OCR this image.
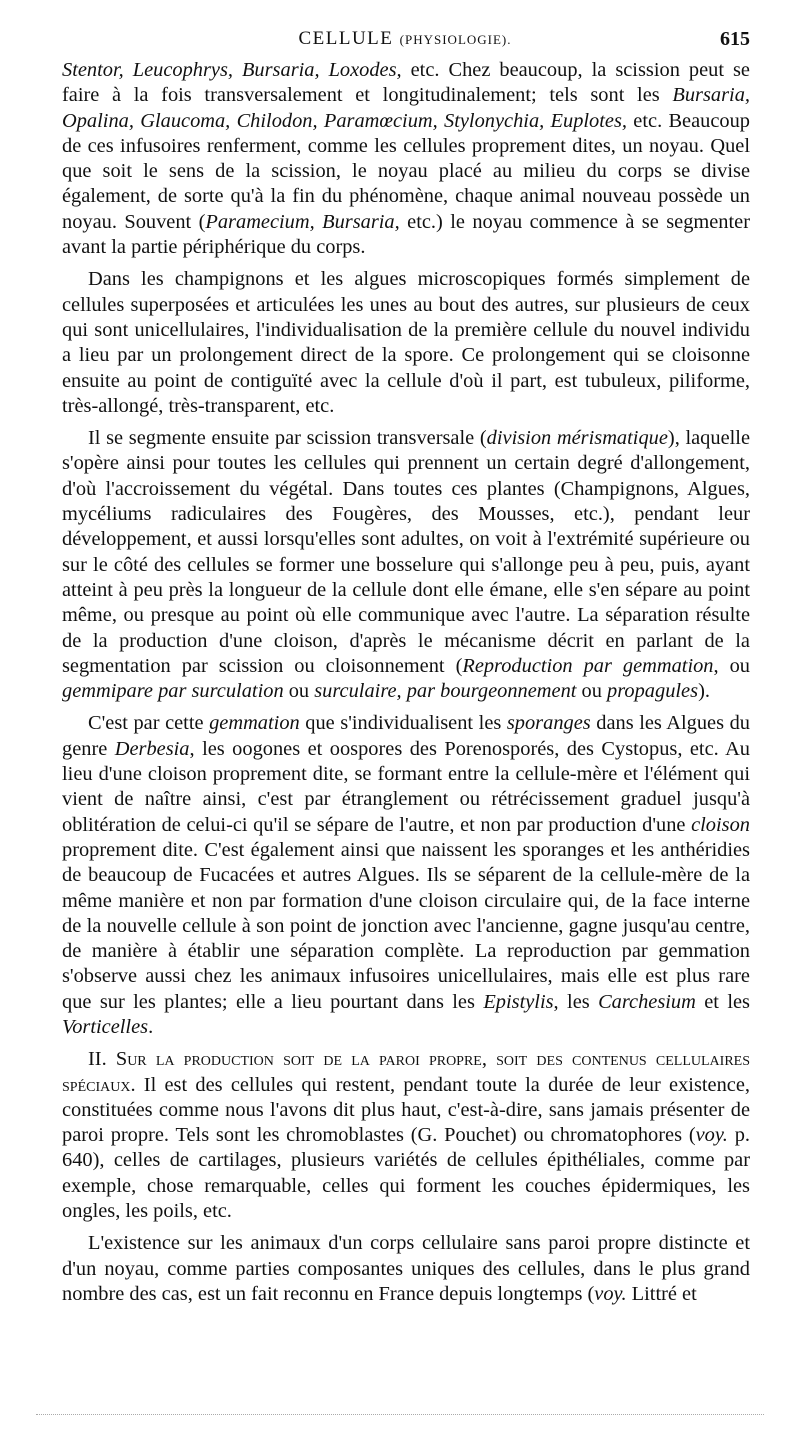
CELLULE (PHYSIOLOGIE).	615

Stentor, Leucophrys, Bursaria, Loxodes, etc. Chez beaucoup, la scission peut se faire à la fois transversalement et longitudinalement; tels sont les Bursaria, Opalina, Glaucoma, Chilodon, Paramœcium, Stylonychia, Euplotes, etc. Beaucoup de ces infusoires renferment, comme les cellules proprement dites, un noyau. Quel que soit le sens de la scission, le noyau placé au milieu du corps se divise également, de sorte qu'à la fin du phénomène, chaque animal nouveau possède un noyau. Souvent (Paramecium, Bursaria, etc.) le noyau commence à se segmenter avant la partie périphérique du corps.

Dans les champignons et les algues microscopiques formés simplement de cellules superposées et articulées les unes au bout des autres, sur plusieurs de ceux qui sont unicellulaires, l'individualisation de la première cellule du nouvel individu a lieu par un prolongement direct de la spore. Ce prolongement qui se cloisonne ensuite au point de contiguïté avec la cellule d'où il part, est tubuleux, piliforme, très-allongé, très-transparent, etc.

Il se segmente ensuite par scission transversale (division mérismatique), laquelle s'opère ainsi pour toutes les cellules qui prennent un certain degré d'allongement, d'où l'accroissement du végétal. Dans toutes ces plantes (Champignons, Algues, mycéliums radiculaires des Fougères, des Mousses, etc.), pendant leur développement, et aussi lorsqu'elles sont adultes, on voit à l'extrémité supérieure ou sur le côté des cellules se former une bosselure qui s'allonge peu à peu, puis, ayant atteint à peu près la longueur de la cellule dont elle émane, elle s'en sépare au point même, ou presque au point où elle communique avec l'autre. La séparation résulte de la production d'une cloison, d'après le mécanisme décrit en parlant de la segmentation par scission ou cloisonnement (Reproduction par gemmation, ou gemmipare par surculation ou surculaire, par bourgeonnement ou propagules).

C'est par cette gemmation que s'individualisent les sporanges dans les Algues du genre Derbesia, les oogones et oospores des Porenosporés, des Cystopus, etc. Au lieu d'une cloison proprement dite, se formant entre la cellule-mère et l'élément qui vient de naître ainsi, c'est par étranglement ou rétrécissement graduel jusqu'à oblitération de celui-ci qu'il se sépare de l'autre, et non par production d'une cloison proprement dite. C'est également ainsi que naissent les sporanges et les anthéridies de beaucoup de Fucacées et autres Algues. Ils se séparent de la cellule-mère de la même manière et non par formation d'une cloison circulaire qui, de la face interne de la nouvelle cellule à son point de jonction avec l'ancienne, gagne jusqu'au centre, de manière à établir une séparation complète. La reproduction par gemmation s'observe aussi chez les animaux infusoires unicellulaires, mais elle est plus rare que sur les plantes; elle a lieu pourtant dans les Epistylis, les Carchesium et les Vorticelles.

II. Sur la production soit de la paroi propre, soit des contenus cellulaires spéciaux. Il est des cellules qui restent, pendant toute la durée de leur existence, constituées comme nous l'avons dit plus haut, c'est-à-dire, sans jamais présenter de paroi propre. Tels sont les chromoblastes (G. Pouchet) ou chromatophores (voy. p. 640), celles de cartilages, plusieurs variétés de cellules épithéliales, comme par exemple, chose remarquable, celles qui forment les couches épidermiques, les ongles, les poils, etc.

L'existence sur les animaux d'un corps cellulaire sans paroi propre distincte et d'un noyau, comme parties composantes uniques des cellules, dans le plus grand nombre des cas, est un fait reconnu en France depuis longtemps (voy. Littré et
